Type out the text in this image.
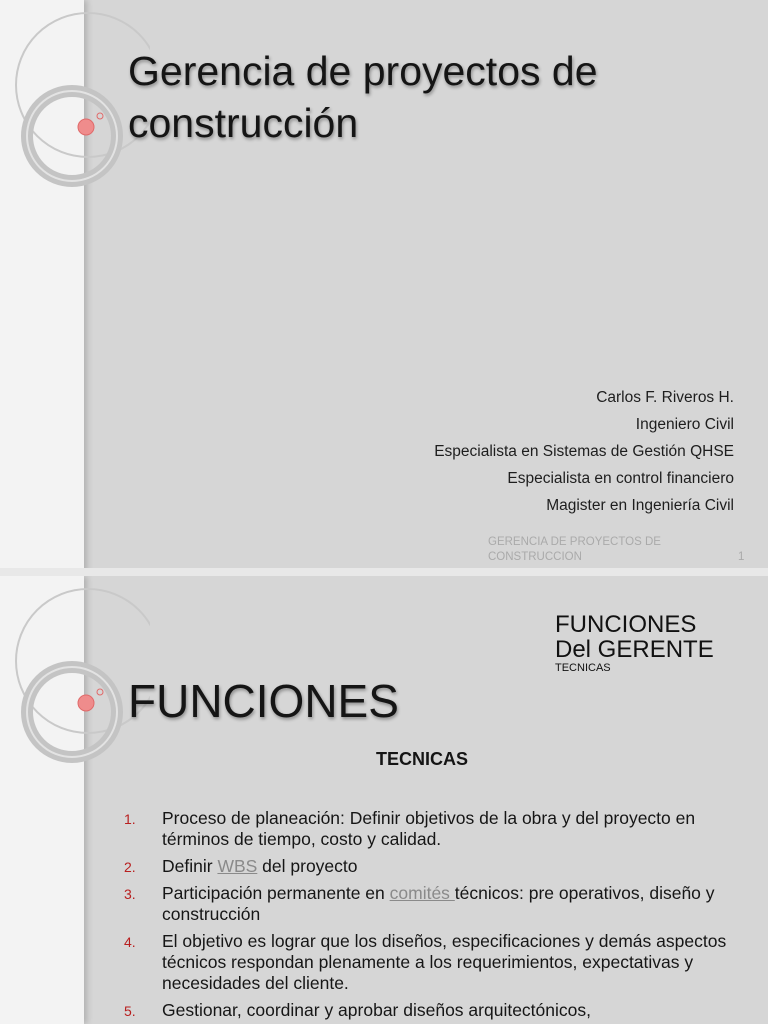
Gerencia de proyectos de construcción
Carlos F. Riveros H.
Ingeniero Civil
Especialista en Sistemas de Gestión QHSE
Especialista en control financiero
Magister en Ingeniería Civil
GERENCIA DE PROYECTOS DE
CONSTRUCCION	1
FUNCIONES
Del GERENTE
TECNICAS
FUNCIONES
TECNICAS
1. Proceso de planeación: Definir objetivos de la obra y del proyecto en términos de tiempo, costo y calidad.
2. Definir WBS del proyecto
3. Participación permanente en comités técnicos: pre operativos, diseño y construcción
4. El objetivo es lograr que los diseños, especificaciones y demás aspectos técnicos respondan plenamente a los requerimientos, expectativas y necesidades del cliente.
5. Gestionar, coordinar y aprobar diseños arquitectónicos,
